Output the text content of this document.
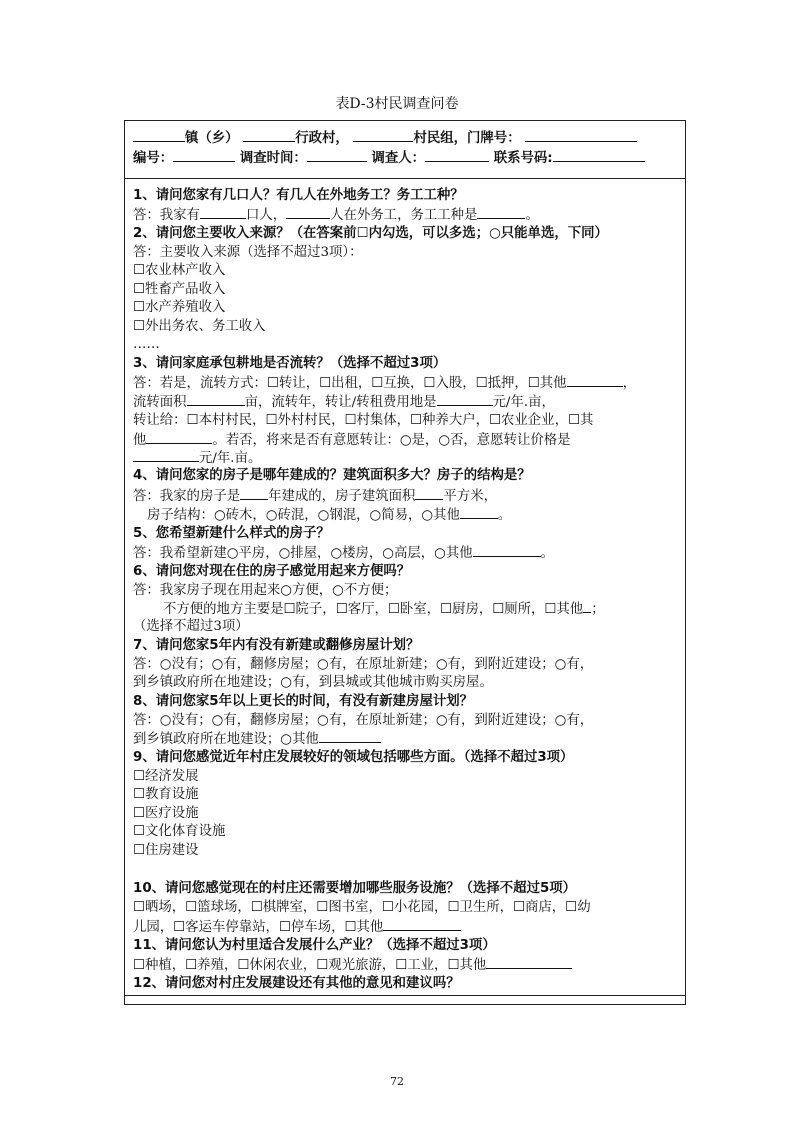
表D-3村民调查问卷
镇（乡）	行政村，	村民组，门牌号：
编号：	调查时间：	调查人：	联系号码:
1、请问您家有几口人？有几人在外地务工？务工工种？
答：我家有	口人，	人在外务工，务工工种是	。
2、请问您主要收入来源？（在答案前☐内勾选，可以多选；○只能单选，下同）
答：主要收入来源（选择不超过3项）：
☐农业林产收入
☐牲畜产品收入
☐水产养殖收入
☐外出务农、务工收入
……
3、请问家庭承包耕地是否流转？（选择不超过3项）
答：若是，流转方式：☐转让，☐出租，☐互换，☐入股，☐抵押，☐其他	，
流转面积	亩，流转年，转让/转租费用地是	元/年.亩，
转让给：☐本村村民，☐外村村民，☐村集体，☐种养大户，☐农业企业，☐其
他	。若否，将来是否有意愿转让：○是，○否，意愿转让价格是
元/年.亩。
4、请问您家的房子是哪年建成的？建筑面积多大？房子的结构是？
答：我家的房子是 年建成的，房子建筑面积 平方米，
房子结构：○砖木，○砖混，○钢混，○简易，○其他	。
5、您希望新建什么样式的房子？
答：我希望新建○平房，○排屋，○楼房，○高层，○其他	。
6、请问您对现在住的房子感觉用起来方便吗？
答：我家房子现在用起来○方便，○不方便；
不方便的地方主要是☐院子，☐客厅，☐卧室，☐厨房，☐厕所，☐其他 ；
（选择不超过3项）
7、请问您家5年内有没有新建或翻修房屋计划？
答：○没有；○有，翻修房屋；○有，在原址新建；○有，到附近建设；○有，
到乡镇政府所在地建设；○有，到县城或其他城市购买房屋。
8、请问您家5年以上更长的时间，有没有新建房屋计划？
答：○没有；○有，翻修房屋；○有，在原址新建；○有，到附近建设；○有，
到乡镇政府所在地建设；○其他
9、请问您感觉近年村庄发展较好的领域包括哪些方面。（选择不超过3项）
☐经济发展
☐教育设施
☐医疗设施
☐文化体育设施
☐住房建设
10、请问您感觉现在的村庄还需要增加哪些服务设施？（选择不超过5项）
☐晒场，☐篮球场，☐棋牌室，☐图书室，☐小花园，☐卫生所，☐商店，☐幼
儿园，☐客运车停靠站，☐停车场，☐其他
11、请问您认为村里适合发展什么产业？（选择不超过3项）
☐种植，☐养殖，☐休闲农业，☐观光旅游，☐工业，☐其他
12、请问您对村庄发展建设还有其他的意见和建议吗？
72
